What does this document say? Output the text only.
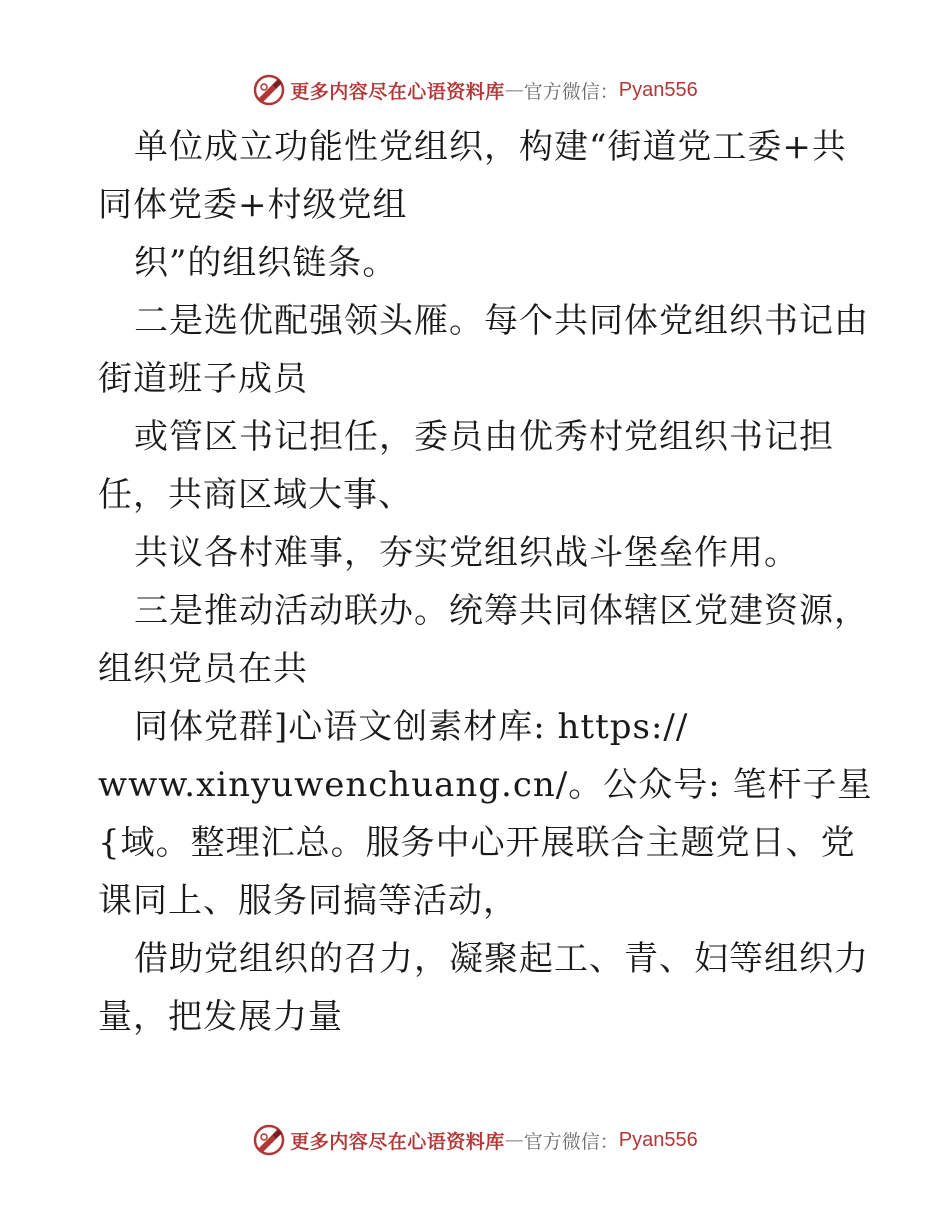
更多内容尽在心语资料库 — 官方微信： Pyan556

单位成立功能性党组织，构建“街道党工委+共

同体党委+村级党组

织”的组织链条。

二是选优配强领头雁。每个共同体党组织书记由

街道班子成员

或管区书记担任，委员由优秀村党组织书记担

任，共商区域大事、

共议各村难事，夯实党组织战斗堡垒作用。

三是推动活动联办。统筹共同体辖区党建资源，

组织党员在共

同体党群]心语文创素材库: https://

www.xinyuwenchuang.cn/。公众号: 笔杆子星

{域。整理汇总。服务中心开展联合主题党日、党

课同上、服务同搞等活动，

借助党组织的召力，凝聚起工、青、妇等组织力

量，把发展力量

更多内容尽在心语资料库 — 官方微信： Pyan556
